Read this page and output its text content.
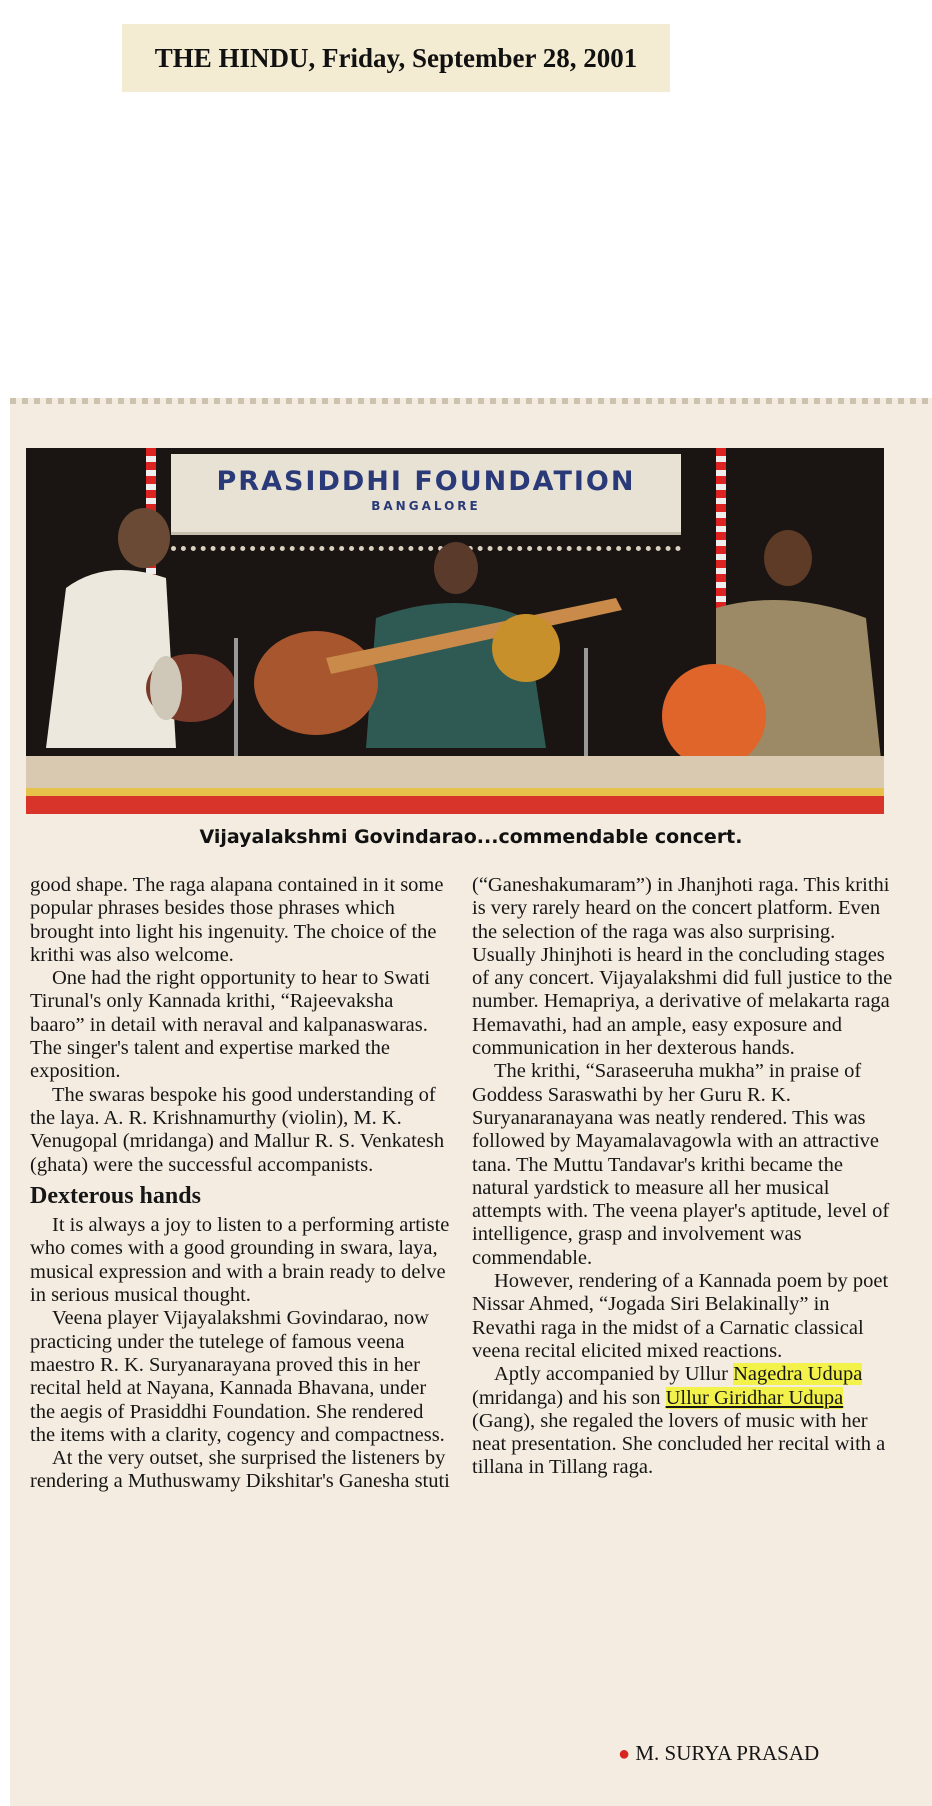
THE HINDU, Friday, September 28, 2001
PRASIDDHI FOUNDATION
BANGALORE
Vijayalakshmi Govindarao...commendable concert.

good shape. The raga alapana contained in it some popular phrases besides those phrases which brought into light his ingenuity. The choice of the krithi was also welcome.

One had the right opportunity to hear to Swati Tirunal's only Kannada krithi, “Rajeevaksha baaro” in detail with neraval and kalpanaswaras. The singer's talent and expertise marked the exposition.

The swaras bespoke his good understanding of the laya. A. R. Krishnamurthy (violin), M. K. Venugopal (mridanga) and Mallur R. S. Venkatesh (ghata) were the successful accompanists.

Dexterous hands

It is always a joy to listen to a performing artiste who comes with a good grounding in swara, laya, musical expression and with a brain ready to delve in serious musical thought.

Veena player Vijayalakshmi Govindarao, now practicing under the tutelege of famous veena maestro R. K. Suryanarayana proved this in her recital held at Nayana, Kannada Bhavana, under the aegis of Prasiddhi Foundation. She rendered the items with a clarity, cogency and compactness.

At the very outset, she surprised the listeners by rendering a Muthuswamy Dikshitar's Ganesha stuti

(“Ganeshakumaram”) in Jhanjhoti raga. This krithi is very rarely heard on the concert platform. Even the selection of the raga was also surprising. Usually Jhinjhoti is heard in the concluding stages of any concert. Vijayalakshmi did full justice to the number. Hemapriya, a derivative of melakarta raga Hemavathi, had an ample, easy exposure and communication in her dexterous hands.

The krithi, “Saraseeruha mukha” in praise of Goddess Saraswathi by her Guru R. K. Suryanaranayana was neatly rendered. This was followed by Mayamalavagowla with an attractive tana. The Muttu Tandavar's krithi became the natural yardstick to measure all her musical attempts with. The veena player's aptitude, level of intelligence, grasp and involvement was commendable.

However, rendering of a Kannada poem by poet Nissar Ahmed, “Jogada Siri Belakinally” in Revathi raga in the midst of a Carnatic classical veena recital elicited mixed reactions.

Aptly accompanied by Ullur Nagedra Udupa (mridanga) and his son Ullur Giridhar Udupa (Gang), she regaled the lovers of music with her neat presentation. She concluded her recital with a tillana in Tillang raga.

● M. SURYA PRASAD
